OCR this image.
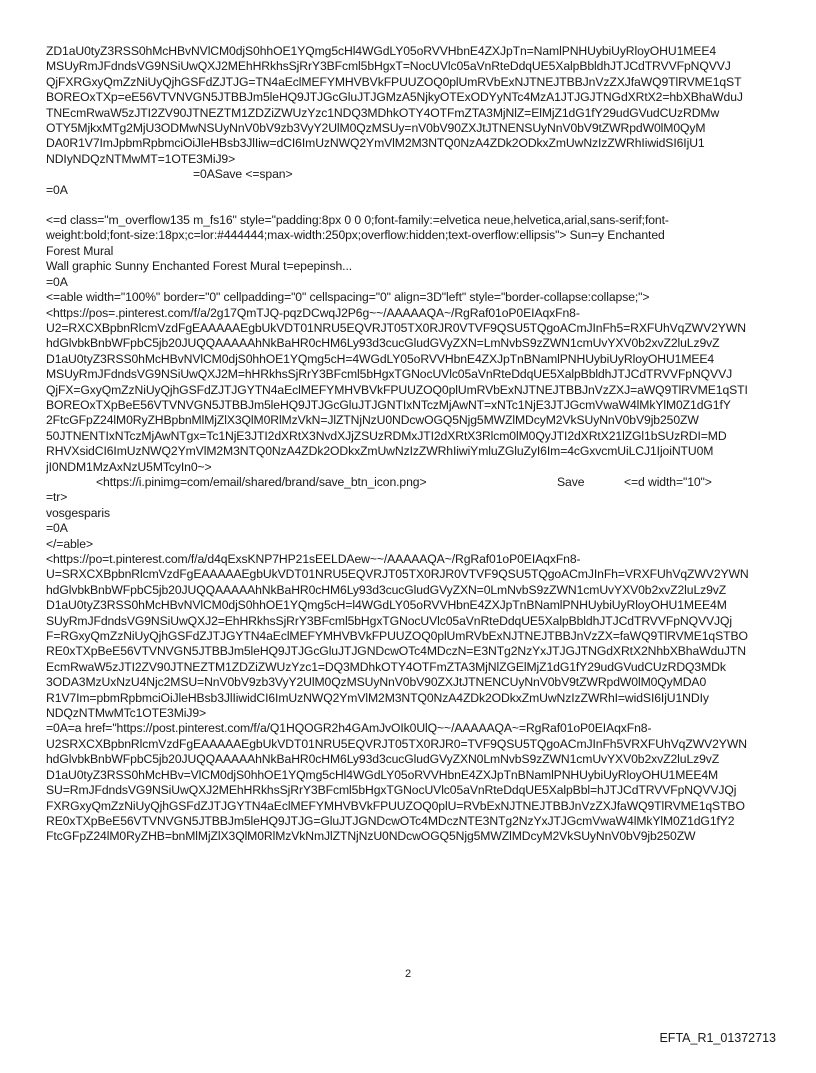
ZD1aU0tyZ3RSS0hMcHBvNVlCM0djS0hhOE1YQmg5cHl4WGdLY05oRVVHbnE4ZXJpTn=NamlPNHUybiUyRloyOHU1MEE4
MSUyRmJFdndsVG9NSiUwQXJ2MEhHRkhsSjRrY3BFcml5bHgxT=NocUVlc05aVnRteDdqUE5XalpBbldhJTJCdTRVVFpNQVVJ
QjFXRGxyQmZzNiUyQjhGSFdZJTJG=TN4aEclMEFYMHVBVkFPUUZOQ0plUmRVbExNJTNEJTBBJnVzZXJfaWQ9TlRVME1qST
BOREOxTXp=eE56VTVNVGN5JTBBJm5leHQ9JTJGcGluJTJGMzA5NjkyOTExODYyNTc4MzA1JTJGJTNGdXRtX2=hbXBhaWduJ
TNEcmRwaW5zJTI2ZV90JTNEZTM1ZDZiZWUzYzc1NDQ3MDhkOTY4OTFmZTA3MjNlZ=ElMjZ1dG1fY29udGVudCUzRDMw
OTY5MjkxMTg2MjU3ODMwNSUyNnV0bV9zb3VyY2UlM0QzMSUy=nV0bV90ZXJtJTNENSUyNnV0bV9tZWRpdW0lM0QyM
DA0R1V7ImJpbmRpbmciOiJleHBsb3JlIiw=dCI6ImUzNWQ2YmVlM2M3NTQ0NzA4ZDk2ODkxZmUwNzIzZWRhIiwidSI6IjU1
NDIyNDQzNTMwMT=1OTE3MiJ9>
=0ASave <=span>
=0A
<=d class="m_overflow135 m_fs16" style="padding:8px 0 0 0;font-family:=elvetica neue,helvetica,arial,sans-serif;font-
weight:bold;font-size:18px;c=lor:#444444;max-width:250px;overflow:hidden;text-overflow:ellipsis"> Sun=y Enchanted
Forest Mural
Wall graphic Sunny Enchanted Forest Mural t=epepinsh...
=0A
<=able width="100%" border="0" cellpadding="0" cellspacing="0" align=3D"left" style="border-collapse:collapse;">
<https://pos=.pinterest.com/f/a/2g17QmTJQ-pqzDCwqJ2P6g~~/AAAAAQA~/RgRaf01oP0EIAqxFn8-
U2=RXCXBpbnRlcmVzdFgEAAAAAEgbUkVDT01NRU5EQVRJT05TX0RJR0VTVF9QSU5TQgoACmJInFh5=RXFUhVqZWV2YWN
hdGlvbkBnbWFpbC5jb20JUQQAAAAAhNkBaHR0cHM6Ly93d3cucGludGVyZXN=LmNvbS9zZWN1cmUvYXV0b2xvZ2luLz9vZ
D1aU0tyZ3RSS0hMcHBvNVlCM0djS0hhOE1YQmg5cH=4WGdLY05oRVVHbnE4ZXJpTnBNamlPNHUybiUyRloyOHU1MEE4
MSUyRmJFdndsVG9NSiUwQXJ2M=hHRkhsSjRrY3BFcml5bHgxTGNocUVlc05aVnRteDdqUE5XalpBbldhJTJCdTRVVFpNQVVJ
QjFX=GxyQmZzNiUyQjhGSFdZJTJGYTN4aEclMEFYMHVBVkFPUUZOQ0plUmRVbExNJTNEJTBBJnVzZXJ=aWQ9TlRVME1qSTI
BOREOxTXpBeE56VTVNVGN5JTBBJm5leHQ9JTJGcGluJTJGNTIxNTczMjAwNT=xNTc1NjE3JTJGcmVwaW4lMkYlM0Z1dG1fY
2FtcGFpZ24lM0RyZHBpbnMlMjZlX3QlM0RlMzVkN=JlZTNjNzU0NDcwOGQ5Njg5MWZlMDcyM2VkSUyNnV0bV9jb250ZW
50JTNENTIxNTczMjAwNTgx=Tc1NjE3JTI2dXRtX3NvdXJjZSUzRDMxJTI2dXRtX3Rlcm0lM0QyJTI2dXRtX21lZGl1bSUzRDI=MD
RHVXsidCI6ImUzNWQ2YmVlM2M3NTQ0NzA4ZDk2ODkxZmUwNzIzZWRhIiwiYmluZGluZyI6Im=4cGxvcmUiLCJ1IjoiNTU0M
jI0NDM1MzAxNzU5MTcyIn0~>
<https://i.pinimg=com/email/shared/brand/save_btn_icon.png>	Save	<=d width="10">
=tr>
vosgesparis
=0A
</=able>
<https://po=t.pinterest.com/f/a/d4qExsKNP7HP21sEELDAew~~/AAAAAQA~/RgRaf01oP0EIAqxFn8-
U=SRXCXBpbnRlcmVzdFgEAAAAAEgbUkVDT01NRU5EQVRJT05TX0RJR0VTVF9QSU5TQgoACmJInFh=VRXFUhVqZWV2YWN
hdGlvbkBnbWFpbC5jb20JUQQAAAAAhNkBaHR0cHM6Ly93d3cucGludGVyZXN=0LmNvbS9zZWN1cmUvYXV0b2xvZ2luLz9vZ
D1aU0tyZ3RSS0hMcHBvNVlCM0djS0hhOE1YQmg5cH=l4WGdLY05oRVVHbnE4ZXJpTnBNamlPNHUybiUyRloyOHU1MEE4M
SUyRmJFdndsVG9NSiUwQXJ2=EhHRkhsSjRrY3BFcml5bHgxTGNocUVlc05aVnRteDdqUE5XalpBbldhJTJCdTRVVFpNQVVJQj
F=RGxyQmZzNiUyQjhGSFdZJTJGYTN4aEclMEFYMHVBVkFPUUZOQ0plUmRVbExNJTNEJTBBJnVzZX=faWQ9TlRVME1qSTBO
RE0xTXpBeE56VTVNVGN5JTBBJm5leHQ9JTJGcGluJTJGNDcwOTc4MDczN=E3NTg2NzYxJTJGJTNGdXRtX2NhbXBhaWduJTN
EcmRwaW5zJTI2ZV90JTNEZTM1ZDZiZWUzYzc1=DQ3MDhkOTY4OTFmZTA3MjNlZGElMjZ1dG1fY29udGVudCUzRDQ3MDk
3ODA3MzUxNzU4Njc2MSU=NnV0bV9zb3VyY2UlM0QzMSUyNnV0bV90ZXJtJTNENCUyNnV0bV9tZWRpdW0lM0QyMDA0
R1V7Im=pbmRpbmciOiJleHBsb3JlIiwidCI6ImUzNWQ2YmVlM2M3NTQ0NzA4ZDk2ODkxZmUwNzIzZWRhI=widSI6IjU1NDIy
NDQzNTMwMTc1OTE3MiJ9>
=0A=a href="https://post.pinterest.com/f/a/Q1HQOGR2h4GAmJvOIk0UlQ~~/AAAAAQA~=RgRaf01oP0EIAqxFn8-
U2SRXCXBpbnRlcmVzdFgEAAAAAEgbUkVDT01NRU5EQVRJT05TX0RJR0=TVF9QSU5TQgoACmJInFh5VRXFUhVqZWV2YWN
hdGlvbkBnbWFpbC5jb20JUQQAAAAAhNkBaHR0cHM6Ly93d3cucGludGVyZXN0LmNvbS9zZWN1cmUvYXV0b2xvZ2luLz9vZ
D1aU0tyZ3RSS0hMcHBv=VlCM0djS0hhOE1YQmg5cHl4WGdLY05oRVVHbnE4ZXJpTnBNamlPNHUybiUyRloyOHU1MEE4M
SU=RmJFdndsVG9NSiUwQXJ2MEhHRkhsSjRrY3BFcml5bHgxTGNocUVlc05aVnRteDdqUE5XalpBbl=hJTJCdTRVVFpNQVVJQj
FXRGxyQmZzNiUyQjhGSFdZJTJGYTN4aEclMEFYMHVBVkFPUUZOQ0plU=RVbExNJTNEJTBBJnVzZXJfaWQ9TlRVME1qSTBO
RE0xTXpBeE56VTVNVGN5JTBBJm5leHQ9JTJG=GluJTJGNDcwOTc4MDczNTE3NTg2NzYxJTJGcmVwaW4lMkYlM0Z1dG1fY2
FtcGFpZ24lM0RyZHB=bnMlMjZlX3QlM0RlMzVkNmJlZTNjNzU0NDcwOGQ5Njg5MWZlMDcyM2VkSUyNnV0bV9jb250ZW
2
EFTA_R1_01372713
